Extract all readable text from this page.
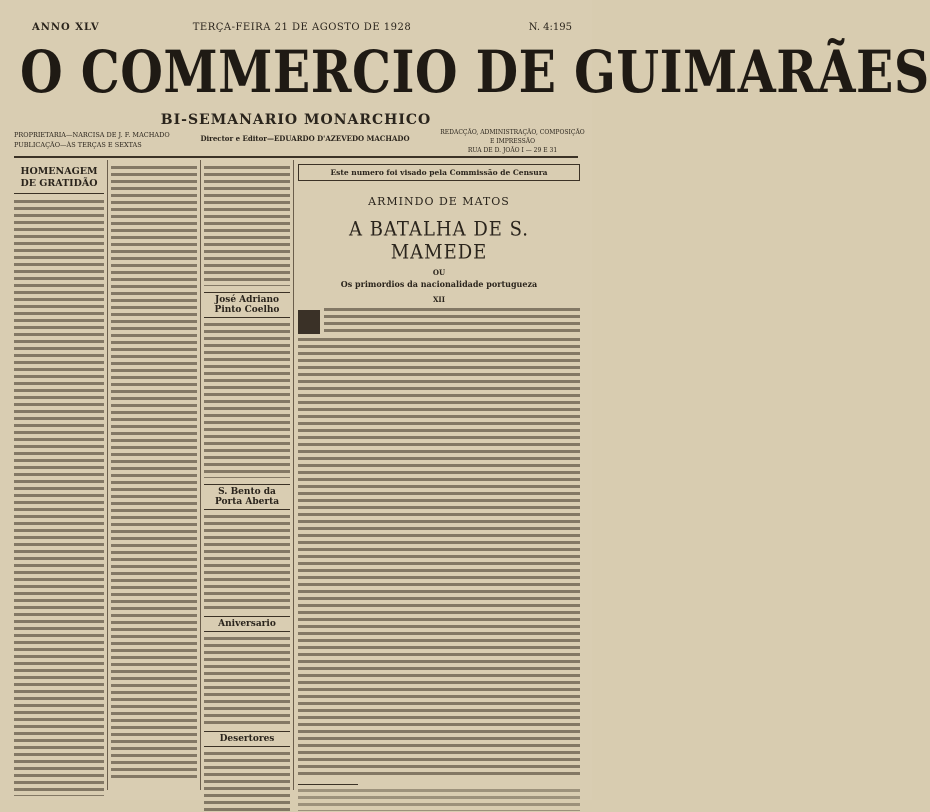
ANNO XLV	TERÇA-FEIRA 21 DE AGOSTO DE 1928	N. 4:195
O COMMERCIO DE GUIMARÃES
BI-SEMANARIO MONARCHICO
PROPRIETARIA—NARCISA DE J. F. MACHADO
PUBLICAÇÃO—ÀS TERÇAS E SEXTAS
Director e Editor—EDUARDO D'AZEVEDO MACHADO
REDACÇÃO, ADMINISTRAÇÃO, COMPOSIÇÃO
E IMPRESSÃO
RUA DE D. JOÃO I — 29 E 31
HOMENAGEM DE GRATIDÃO
José Adriano Pinto Coelho
S. Bento da Porta Aberta
Aniversario
Desertores
Este numero foi visado pela Commissão de Censura
ARMINDO DE MATOS
A BATALHA DE S. MAMEDE
OU
Os primordios da nacionalidade portugueza
XII
